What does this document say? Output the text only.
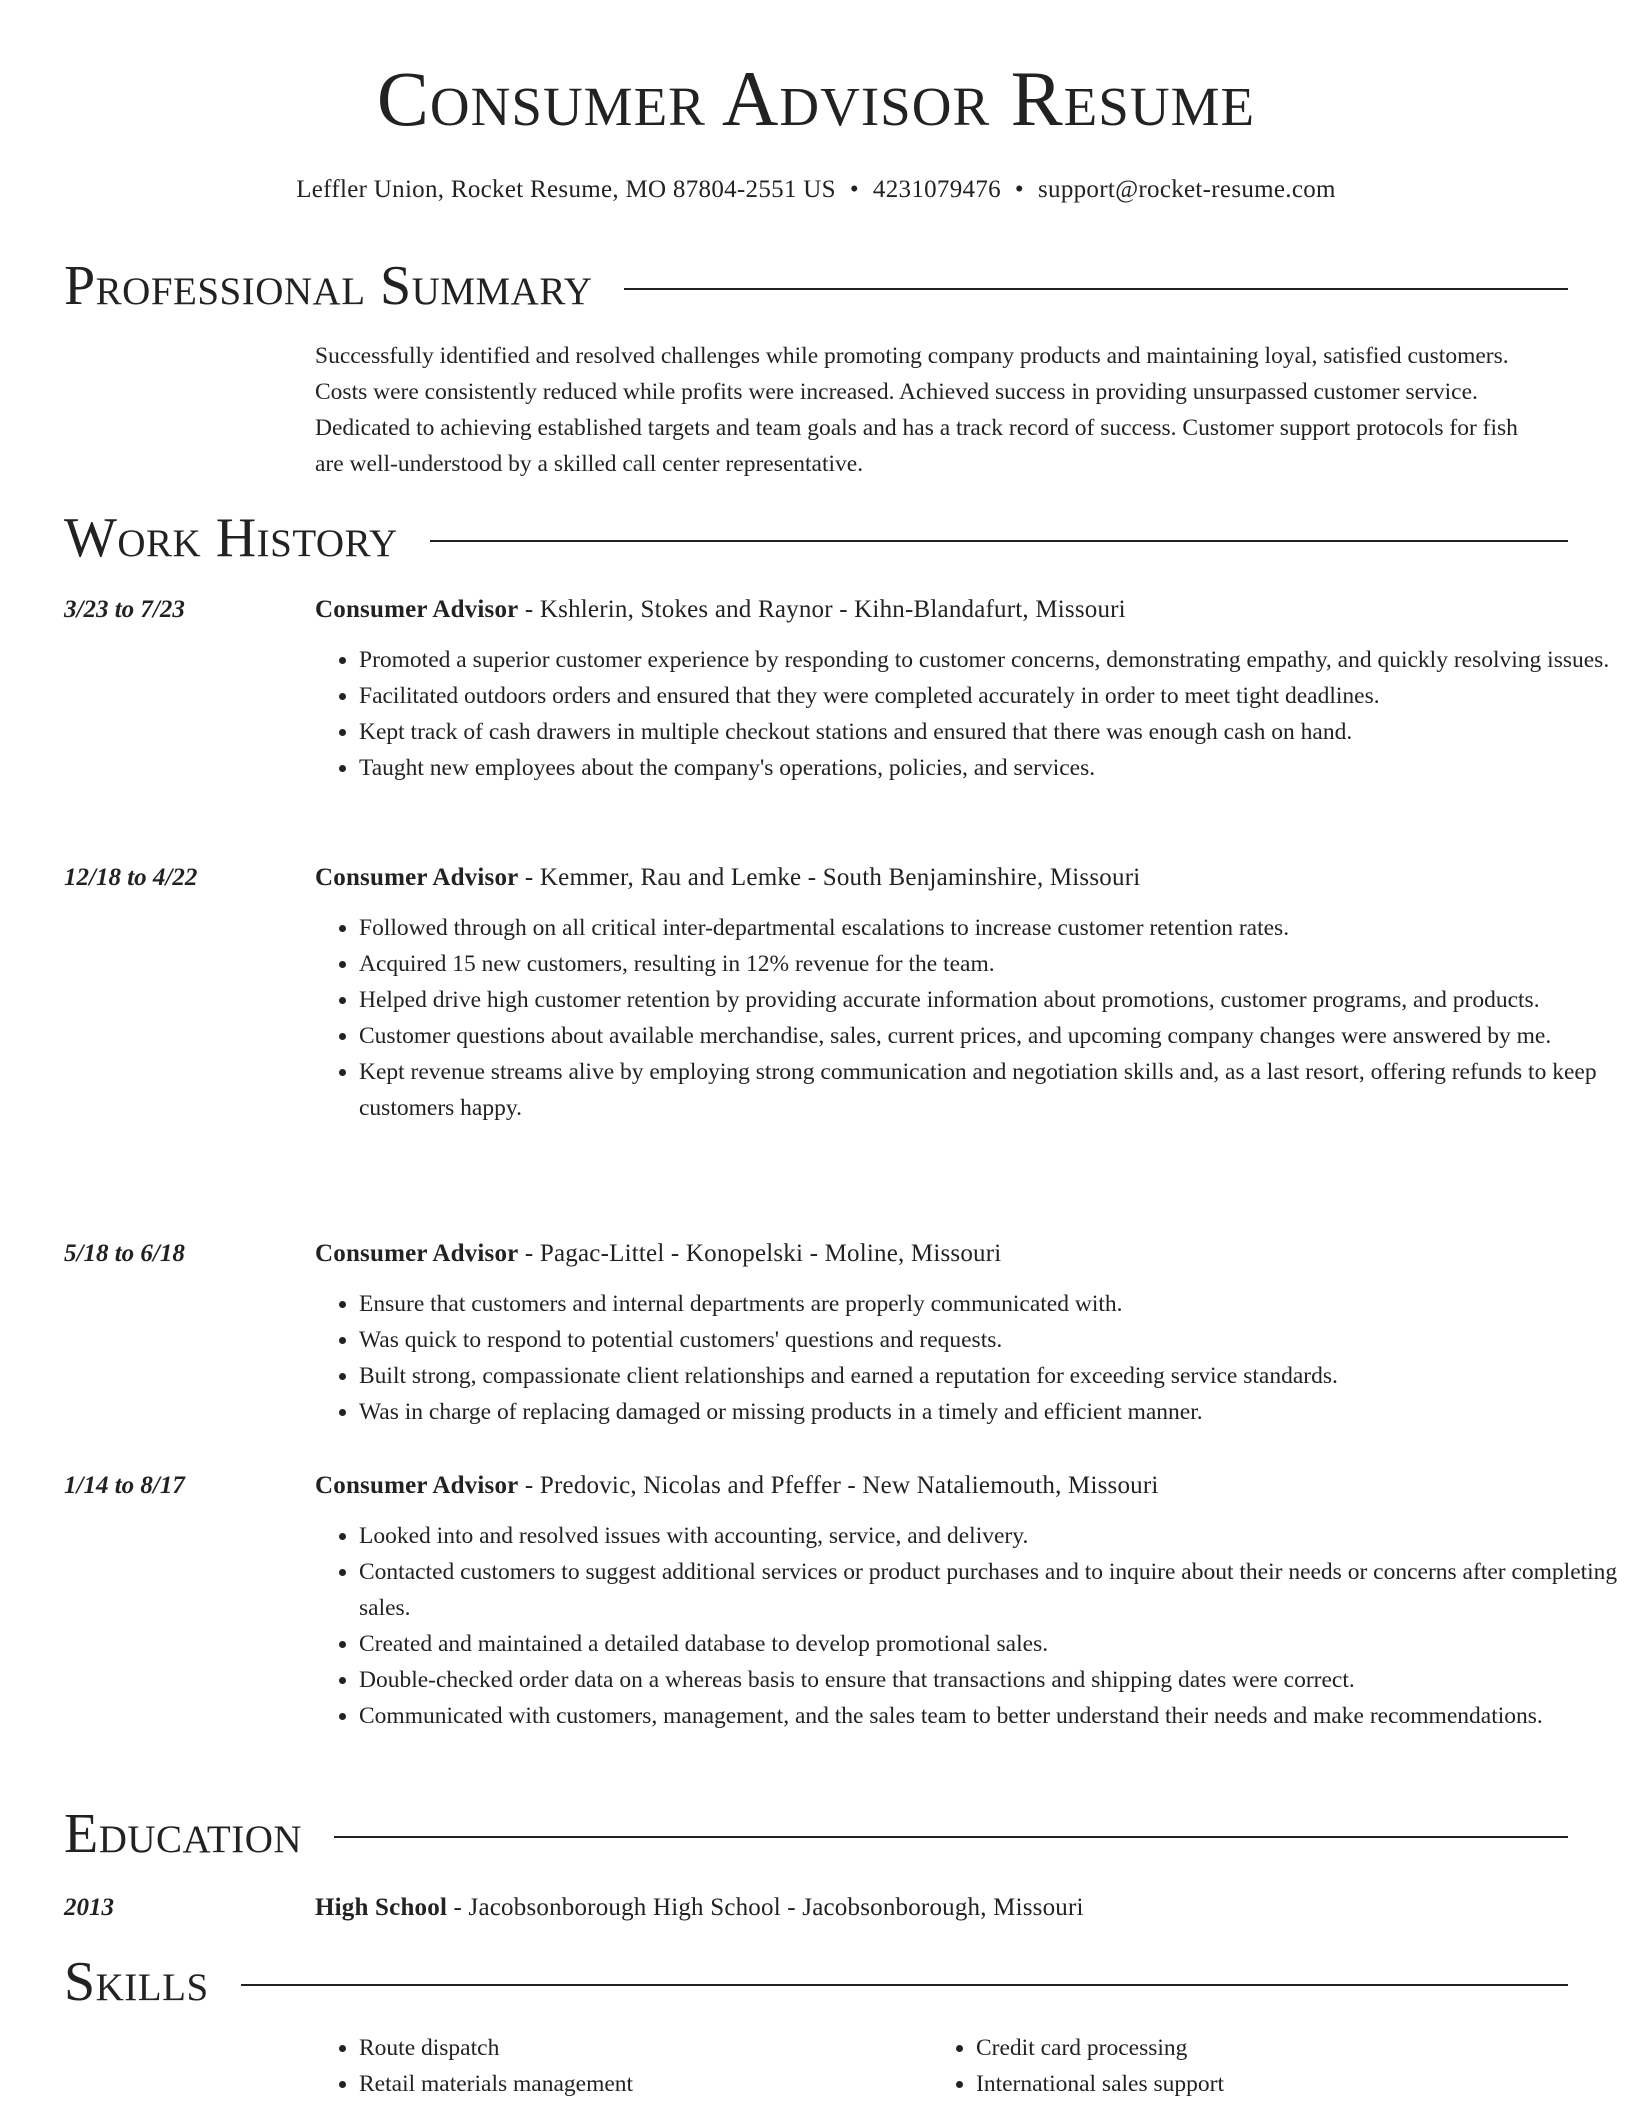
Consumer Advisor Resume
Leffler Union, Rocket Resume, MO 87804-2551 US • 4231079476 • support@rocket-resume.com
Professional Summary

Successfully identified and resolved challenges while promoting company products and maintaining loyal, satisfied customers. Costs were consistently reduced while profits were increased. Achieved success in providing unsurpassed customer service. Dedicated to achieving established targets and team goals and has a track record of success. Customer support protocols for fish are well-understood by a skilled call center representative.

Work History
3/23 to 7/23	Consumer Advisor - Kshlerin, Stokes and Raynor - Kihn-Blandafurt, Missouri
• Promoted a superior customer experience by responding to customer concerns, demonstrating empathy, and quickly resolving issues.
• Facilitated outdoors orders and ensured that they were completed accurately in order to meet tight deadlines.
• Kept track of cash drawers in multiple checkout stations and ensured that there was enough cash on hand.
• Taught new employees about the company's operations, policies, and services.
12/18 to 4/22	Consumer Advisor - Kemmer, Rau and Lemke - South Benjaminshire, Missouri
• Followed through on all critical inter-departmental escalations to increase customer retention rates.
• Acquired 15 new customers, resulting in 12% revenue for the team.
• Helped drive high customer retention by providing accurate information about promotions, customer programs, and products.
• Customer questions about available merchandise, sales, current prices, and upcoming company changes were answered by me.
• Kept revenue streams alive by employing strong communication and negotiation skills and, as a last resort, offering refunds to keep customers happy.
5/18 to 6/18	Consumer Advisor - Pagac-Littel - Konopelski - Moline, Missouri
• Ensure that customers and internal departments are properly communicated with.
• Was quick to respond to potential customers' questions and requests.
• Built strong, compassionate client relationships and earned a reputation for exceeding service standards.
• Was in charge of replacing damaged or missing products in a timely and efficient manner.
1/14 to 8/17	Consumer Advisor - Predovic, Nicolas and Pfeffer - New Nataliemouth, Missouri
• Looked into and resolved issues with accounting, service, and delivery.
• Contacted customers to suggest additional services or product purchases and to inquire about their needs or concerns after completing sales.
• Created and maintained a detailed database to develop promotional sales.
• Double-checked order data on a whereas basis to ensure that transactions and shipping dates were correct.
• Communicated with customers, management, and the sales team to better understand their needs and make recommendations.
Education
2013	High School - Jacobsonborough High School - Jacobsonborough, Missouri
Skills
• Route dispatch
• Retail materials management
• Credit card processing
• International sales support
